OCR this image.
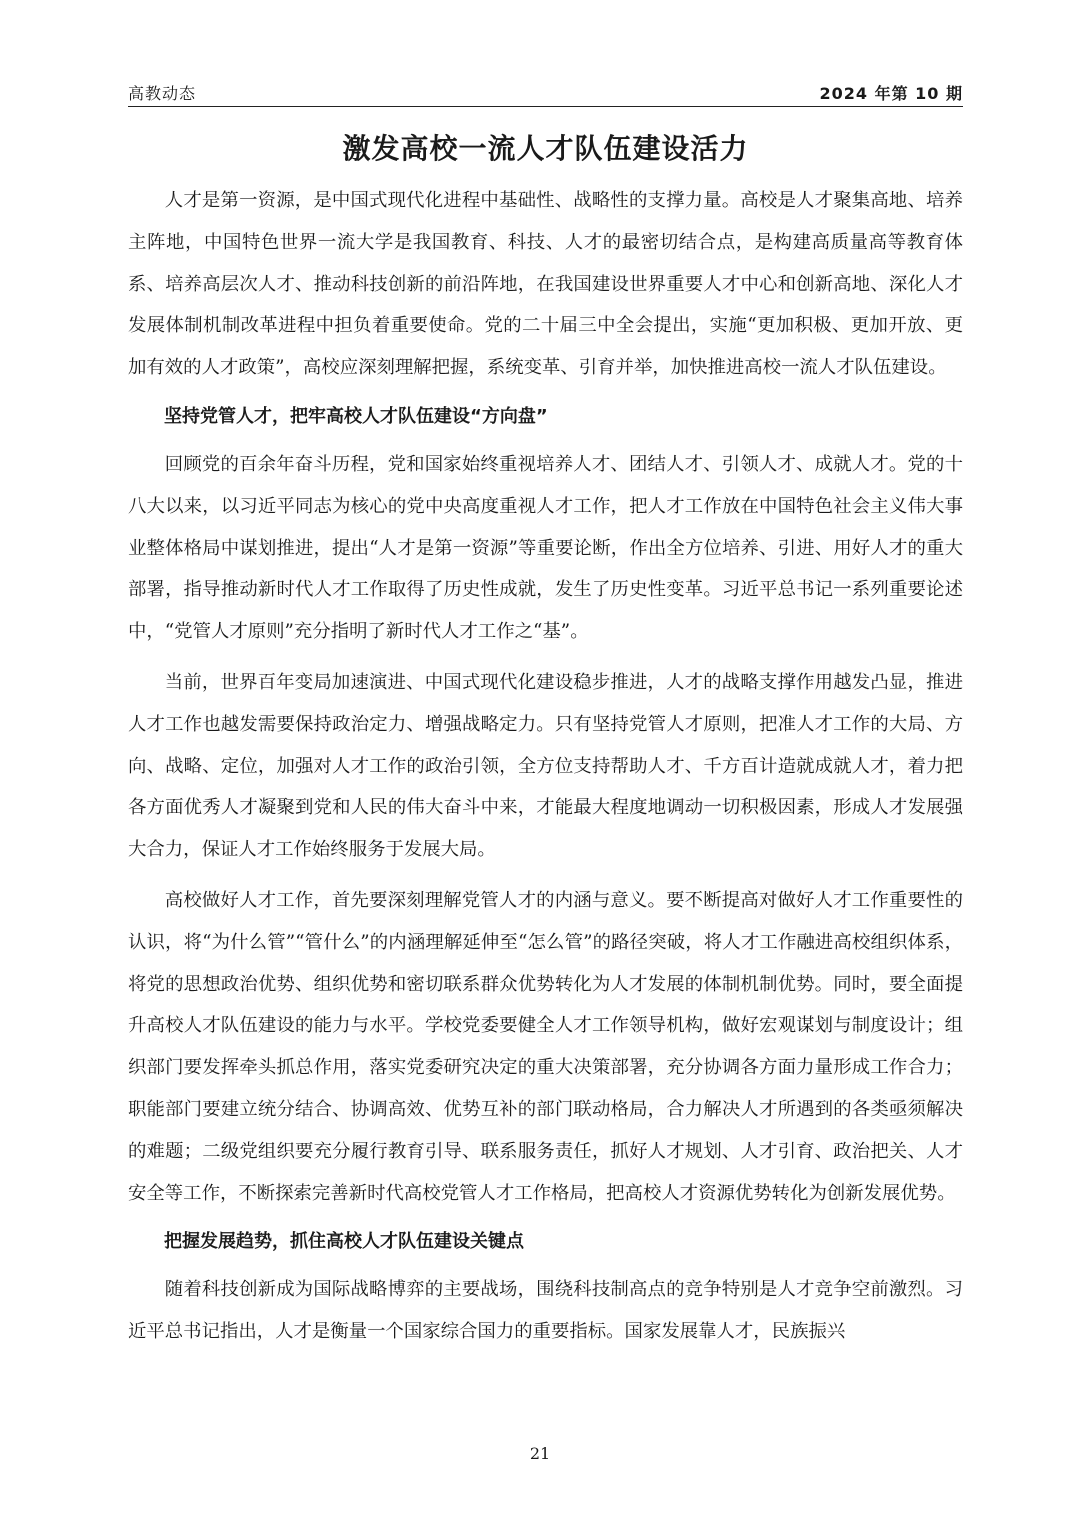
高教动态	2024 年第 10 期
激发高校一流人才队伍建设活力

人才是第一资源，是中国式现代化进程中基础性、战略性的支撑力量。高校是人才聚集高地、培养主阵地，中国特色世界一流大学是我国教育、科技、人才的最密切结合点，是构建高质量高等教育体系、培养高层次人才、推动科技创新的前沿阵地，在我国建设世界重要人才中心和创新高地、深化人才发展体制机制改革进程中担负着重要使命。党的二十届三中全会提出，实施“更加积极、更加开放、更加有效的人才政策”，高校应深刻理解把握，系统变革、引育并举，加快推进高校一流人才队伍建设。

坚持党管人才，把牢高校人才队伍建设“方向盘”

回顾党的百余年奋斗历程，党和国家始终重视培养人才、团结人才、引领人才、成就人才。党的十八大以来，以习近平同志为核心的党中央高度重视人才工作，把人才工作放在中国特色社会主义伟大事业整体格局中谋划推进，提出“人才是第一资源”等重要论断，作出全方位培养、引进、用好人才的重大部署，指导推动新时代人才工作取得了历史性成就，发生了历史性变革。习近平总书记一系列重要论述中，“党管人才原则”充分指明了新时代人才工作之“基”。

当前，世界百年变局加速演进、中国式现代化建设稳步推进，人才的战略支撑作用越发凸显，推进人才工作也越发需要保持政治定力、增强战略定力。只有坚持党管人才原则，把准人才工作的大局、方向、战略、定位，加强对人才工作的政治引领，全方位支持帮助人才、千方百计造就成就人才，着力把各方面优秀人才凝聚到党和人民的伟大奋斗中来，才能最大程度地调动一切积极因素，形成人才发展强大合力，保证人才工作始终服务于发展大局。

高校做好人才工作，首先要深刻理解党管人才的内涵与意义。要不断提高对做好人才工作重要性的认识，将“为什么管”“管什么”的内涵理解延伸至“怎么管”的路径突破，将人才工作融进高校组织体系，将党的思想政治优势、组织优势和密切联系群众优势转化为人才发展的体制机制优势。同时，要全面提升高校人才队伍建设的能力与水平。学校党委要健全人才工作领导机构，做好宏观谋划与制度设计；组织部门要发挥牵头抓总作用，落实党委研究决定的重大决策部署，充分协调各方面力量形成工作合力；职能部门要建立统分结合、协调高效、优势互补的部门联动格局，合力解决人才所遇到的各类亟须解决的难题；二级党组织要充分履行教育引导、联系服务责任，抓好人才规划、人才引育、政治把关、人才安全等工作，不断探索完善新时代高校党管人才工作格局，把高校人才资源优势转化为创新发展优势。

把握发展趋势，抓住高校人才队伍建设关键点

随着科技创新成为国际战略博弈的主要战场，围绕科技制高点的竞争特别是人才竞争空前激烈。习近平总书记指出，人才是衡量一个国家综合国力的重要指标。国家发展靠人才，民族振兴

21
